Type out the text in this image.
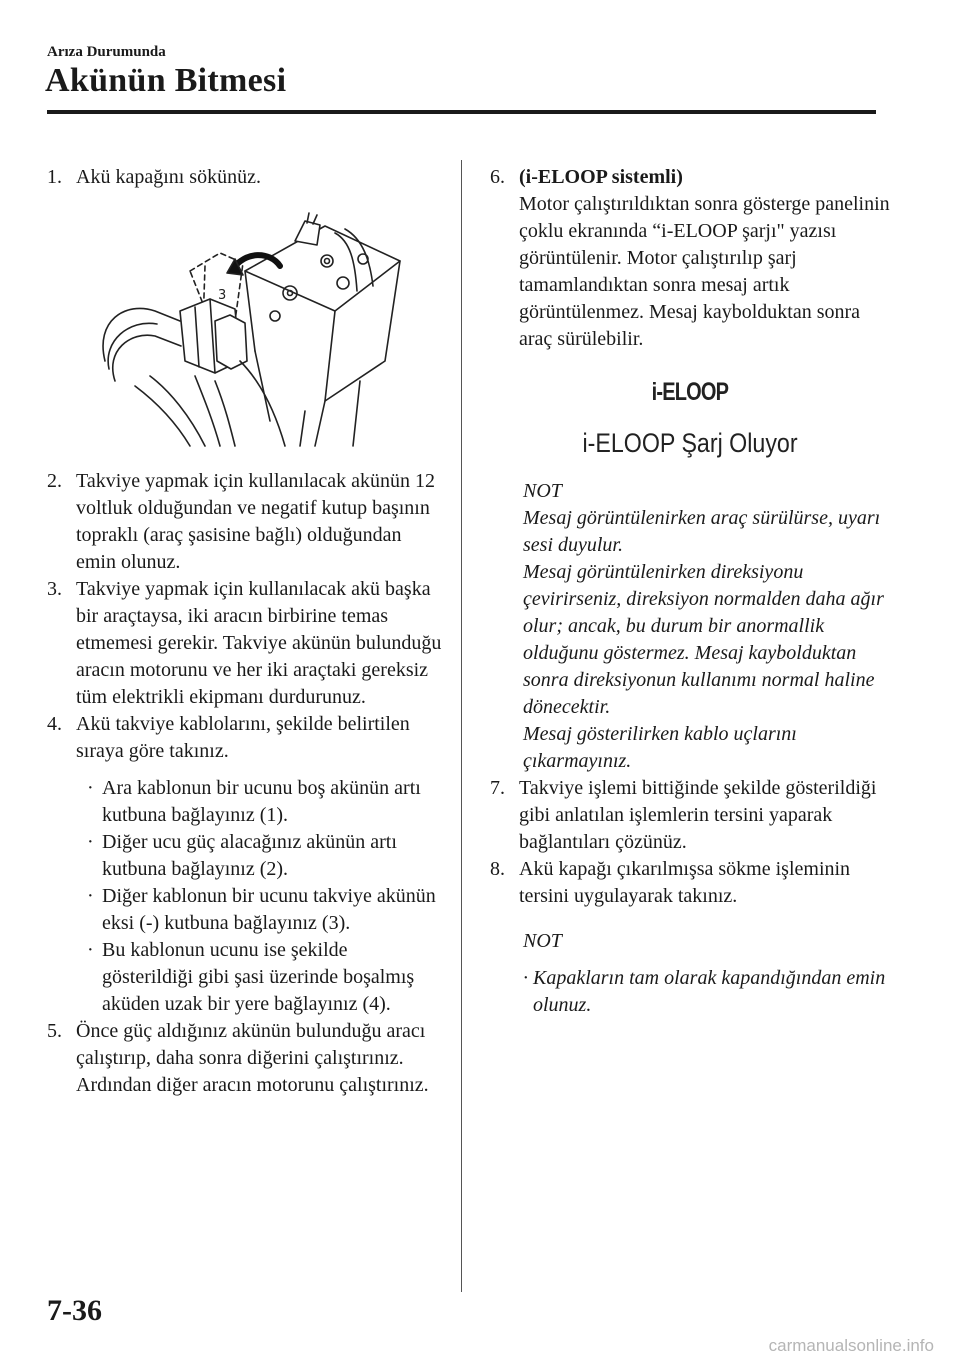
Arıza Durumunda
Akünün Bitmesi
1. Akü kapağını sökünüz.
3
2. Takviye yapmak için kullanılacak akünün 12 voltluk olduğundan ve negatif kutup başının topraklı (araç şasisine bağlı) olduğundan emin olunuz.
3. Takviye yapmak için kullanılacak akü başka bir araçtaysa, iki aracın birbirine temas etmemesi gerekir. Takviye akünün bulunduğu aracın motorunu ve her iki araçtaki gereksiz tüm elektrikli ekipmanı durdurunuz.
4. Akü takviye kablolarını, şekilde belirtilen sıraya göre takınız.
· Ara kablonun bir ucunu boş akünün artı kutbuna bağlayınız (1).
· Diğer ucu güç alacağınız akünün artı kutbuna bağlayınız (2).
· Diğer kablonun bir ucunu takviye akünün eksi (-) kutbuna bağlayınız (3).
· Bu kablonun ucunu ise şekilde gösterildiği gibi şasi üzerinde boşalmış aküden uzak bir yere bağlayınız (4).
5. Önce güç aldığınız akünün bulunduğu aracı çalıştırıp, daha sonra diğerini çalıştırınız. Ardından diğer aracın motorunu çalıştırınız.
6. (i-ELOOP sistemli)
Motor çalıştırıldıktan sonra gösterge panelinin çoklu ekranında “i-ELOOP şarjı" yazısı görüntülenir. Motor çalıştırılıp şarj tamamlandıktan sonra mesaj artık görüntülenmez. Mesaj kaybolduktan sonra araç sürülebilir.
i-ELOOP
i-ELOOP Şarj Oluyor
NOT
Mesaj görüntülenirken araç sürülürse, uyarı sesi duyulur.
Mesaj görüntülenirken direksiyonu çevirirseniz, direksiyon normalden daha ağır olur; ancak, bu durum bir anormallik olduğunu göstermez. Mesaj kaybolduktan sonra direksiyonun kullanımı normal haline dönecektir.
Mesaj gösterilirken kablo uçlarını çıkarmayınız.
7. Takviye işlemi bittiğinde şekilde gösterildiği gibi anlatılan işlemlerin tersini yaparak bağlantıları çözünüz.
8. Akü kapağı çıkarılmışsa sökme işleminin tersini uygulayarak takınız.
NOT
· Kapakların tam olarak kapandığından emin olunuz.
7-36
carmanualsonline.info
